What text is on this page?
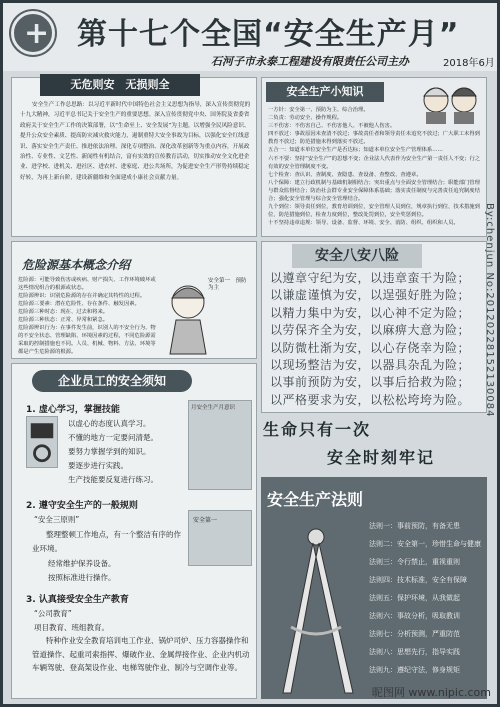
+
第十七个全国“安全生产月”
石河子市永泰工程建设有限责任公司主办	2018年6月
无危则安　无损则全
安全生产工作总思路：以习近平新时代中国特色社会主义思想为指导，深入宣传贯彻党的十九大精神，习近平总书记关于安全生产的重要思想。深入宣传贯彻党中央、国务院及省委省政府关于安全生产工作的决策部署，以“生命至上、安全发展”为主题，以增强全民风险意识、提升公众安全素质、提高防灾减灾救灾能力，遏制重特大安全事故为目标，以强化安全红线意识、落实安全生产责任、推进依法治理、深化专项整治、深化改革创新等为重点内容，开展政治性、专业性、文艺性、新闻性有机结合，富有实效的宣传教育活动，切实推动安全文化进企业、进学校、进机关、进社区、进农村、进家庭、进公共场所，为促进安全生产形势持续稳定好转，为再上新台阶，建设新疆维和全面建成小康社会贡献力量。
安全生产小知识
一方针：安全第一、预防为主、综合治理。
二负责：劳动安全、操作规程。
三不伤害：不伤害自己、不伤害他人、不被他人伤害。
四不放过：事故原因未查清不放过；事故责任者和领导责任未追究不放过；广大职工未得到教育不放过；防范措施未得到落实不放过。
五合一：知道本单位安全生产是否达标；知道本单位安全生产管理体系……
六不不要：坚持“安全生产”的思想不变；企业法人代表作为安全生产第一责任人不变；行之有效的安全管理制度不变。
七个检查：查认识、查制度、查隐患、查设备、查整改、查遵章。
八个保障：建立行政机制与基础机制相结合；突出重点与全面安全管理结合；职能部门管理与群众监督结合；防治社会群专业安全保障体系基础；落实责任制度与完善责任追究制度结合；强化安全管理与综合安全管理结合。
九个到位：领导责任到位，教育培训到位，安全管理人员到位，规章执行到位，技术措施到位，防范措施到位，检查力度到位，整改处罚到位，安全奖惩到位。
十不坚持违章违规：领导、设备、监督、环境、安全、消防、组织、组织和人员。
危险源基本概念介绍
危险源：可能导致伤害或疾病、财产损失、工作环境破坏或这些情况组合的根源或状态。
危险源辨识：识别危险源的存在并确定其特性的过程。
危险源三要素：潜在危险性、存在条件、触发因素。
危险源三种时态：现在、过去和将来。
危险源三种状态：正常、异常和紧急。
危险源辨识行为：在事件发生前，识别人的不安全行为、物的不安全状态、管理缺陷、环境因素的过程，不同危险源需采取的控制措施也不同。人员、机械、物料、方法、环境等都是产生危险源的根源。
安全第一　预防为主
安全八安八险
以遵章守纪为安，以违章蛮干为险；
以谦虚谨慎为安，以逞强好胜为险；
以精力集中为安，以心神不定为险；
以劳保齐全为安，以麻痹大意为险；
以防微杜渐为安，以心存侥幸为险；
以现场整洁为安，以器具杂乱为险；
以事前预防为安，以事后拾救为险；
以严格要求为安，以松松垮垮为险。
企业员工的安全须知
1. 虚心学习，掌握技能
以虚心的态度认真学习。
不懂的地方一定要问清楚。
要努力掌握学到的知识。
要逐步进行实践。
生产技能要反复进行练习。
月安全生产月意识
2. 遵守安全生产的一般规则
“安全三原则”
整理整顿工作地点，有一个整洁有序的作业环境。
经常维护保养设备。
按照标准进行操作。
安全第一
3. 认真接受安全生产教育
“公司教育”
项目教育、班组教育。
特种作业安全教育培训电工作业、锅炉司炉、压力容器操作和管道操作、起重司索指挥、爆破作业、金属焊接作业、企业内机动车辆驾驶、登高架设作业、电梯驾驶作业、制冷与空调作业等。
生命只有一次
安全时刻牢记
安全生产法则
法则一：事前预防，有备无患
法则二：安全第一，珍惜生命与健康
法则三：令行禁止，重视重则
法则四：技术标准，安全有保障
法则五：保护环境，从我做起
法则六：事故分析，吸取教训
法则七：分析预测，严重防范
法则八：思想先行，指导实践
法则九：遵纪守法，修身规矩
By:chenjun No:20120228152130084
昵图网 www.nipic.com
